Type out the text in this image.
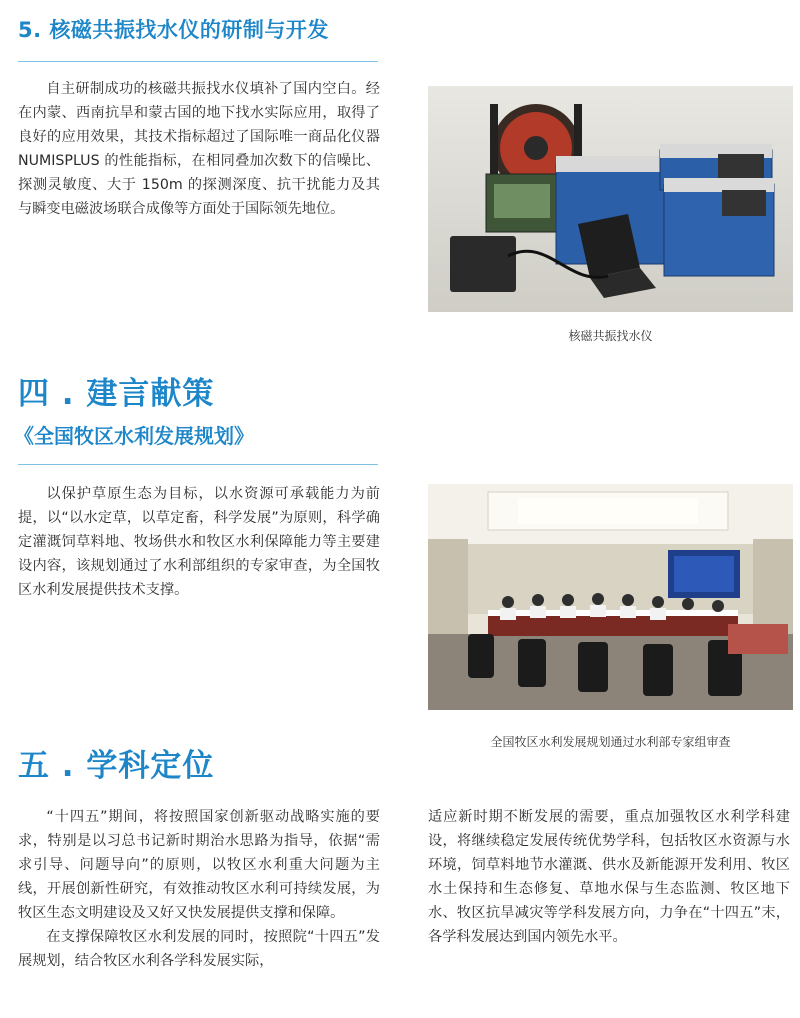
5. 核磁共振找水仪的研制与开发

自主研制成功的核磁共振找水仪填补了国内空白。经在内蒙、西南抗旱和蒙古国的地下找水实际应用，取得了良好的应用效果，其技术指标超过了国际唯一商品化仪器 NUMISPLUS 的性能指标，在相同叠加次数下的信噪比、探测灵敏度、大于 150m 的探测深度、抗干扰能力及其与瞬变电磁波场联合成像等方面处于国际领先地位。

核磁共振找水仪
四 . 建言献策
《全国牧区水利发展规划》

以保护草原生态为目标，以水资源可承载能力为前提，以“以水定草，以草定畜，科学发展”为原则，科学确定灌溉饲草料地、牧场供水和牧区水利保障能力等主要建设内容，该规划通过了水利部组织的专家审查，为全国牧区水利发展提供技术支撑。

全国牧区水利发展规划通过水利部专家组审查
五 . 学科定位

“十四五”期间，将按照国家创新驱动战略实施的要求，特别是以习总书记新时期治水思路为指导，依据“需求引导、问题导向”的原则，以牧区水利重大问题为主线，开展创新性研究，有效推动牧区水利可持续发展，为牧区生态文明建设及又好又快发展提供支撑和保障。

在支撑保障牧区水利发展的同时，按照院“十四五”发展规划，结合牧区水利各学科发展实际，

适应新时期不断发展的需要，重点加强牧区水利学科建设，将继续稳定发展传统优势学科，包括牧区水资源与水环境，饲草料地节水灌溉、供水及新能源开发利用、牧区水土保持和生态修复、草地水保与生态监测、牧区地下水、牧区抗旱减灾等学科发展方向，力争在“十四五”末，各学科发展达到国内领先水平。
